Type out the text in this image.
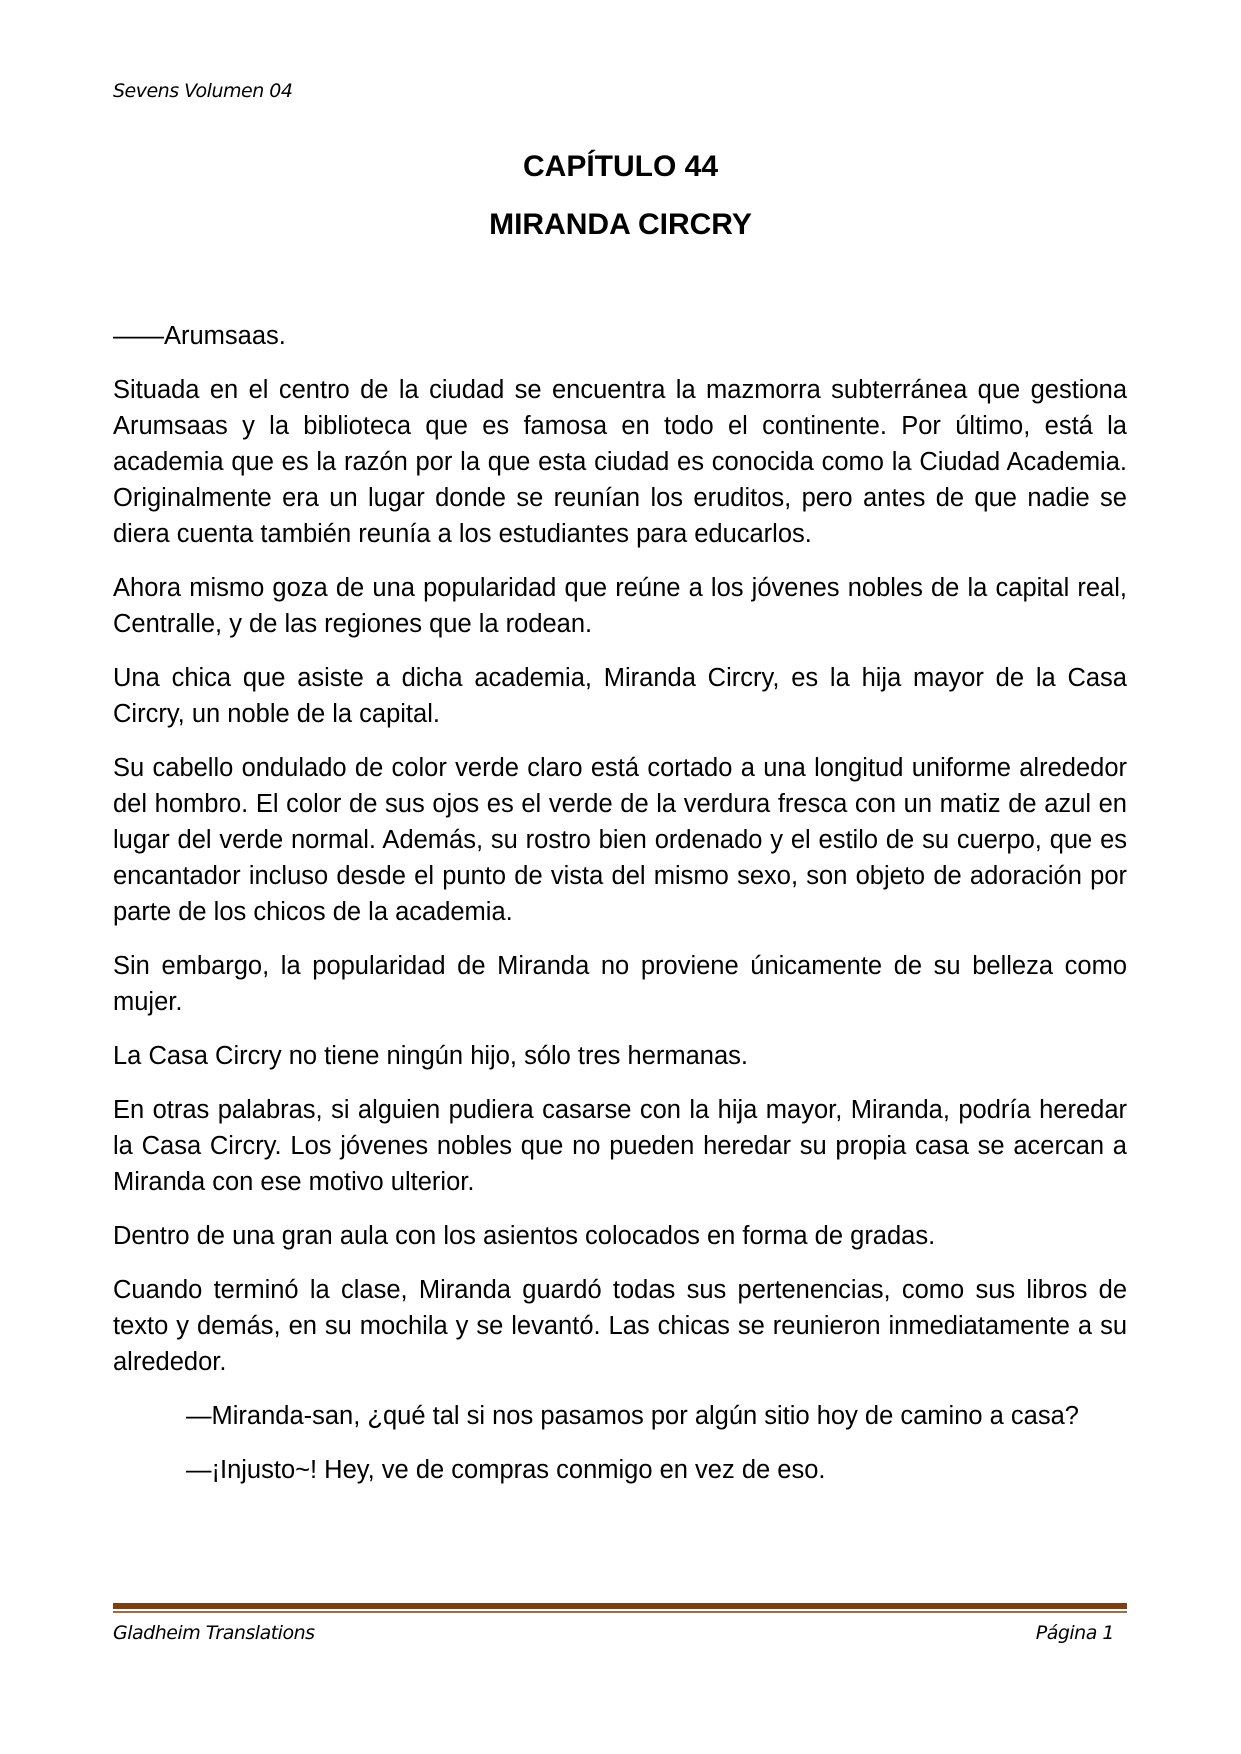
Sevens Volumen 04
CAPÍTULO 44
MIRANDA CIRCRY

——Arumsaas.

Situada en el centro de la ciudad se encuentra la mazmorra subterránea que gestiona Arumsaas y la biblioteca que es famosa en todo el continente. Por último, está la academia que es la razón por la que esta ciudad es conocida como la Ciudad Academia. Originalmente era un lugar donde se reunían los eruditos, pero antes de que nadie se diera cuenta también reunía a los estudiantes para educarlos.

Ahora mismo goza de una popularidad que reúne a los jóvenes nobles de la capital real, Centralle, y de las regiones que la rodean.

Una chica que asiste a dicha academia, Miranda Circry, es la hija mayor de la Casa Circry, un noble de la capital.

Su cabello ondulado de color verde claro está cortado a una longitud uniforme alrededor del hombro. El color de sus ojos es el verde de la verdura fresca con un matiz de azul en lugar del verde normal. Además, su rostro bien ordenado y el estilo de su cuerpo, que es encantador incluso desde el punto de vista del mismo sexo, son objeto de adoración por parte de los chicos de la academia.

Sin embargo, la popularidad de Miranda no proviene únicamente de su belleza como mujer.

La Casa Circry no tiene ningún hijo, sólo tres hermanas.

En otras palabras, si alguien pudiera casarse con la hija mayor, Miranda, podría heredar la Casa Circry. Los jóvenes nobles que no pueden heredar su propia casa se acercan a Miranda con ese motivo ulterior.

Dentro de una gran aula con los asientos colocados en forma de gradas.

Cuando terminó la clase, Miranda guardó todas sus pertenencias, como sus libros de texto y demás, en su mochila y se levantó. Las chicas se reunieron inmediatamente a su alrededor.

—Miranda-san, ¿qué tal si nos pasamos por algún sitio hoy de camino a casa?

—¡Injusto~! Hey, ve de compras conmigo en vez de eso.

Gladheim Translations	Página 1
